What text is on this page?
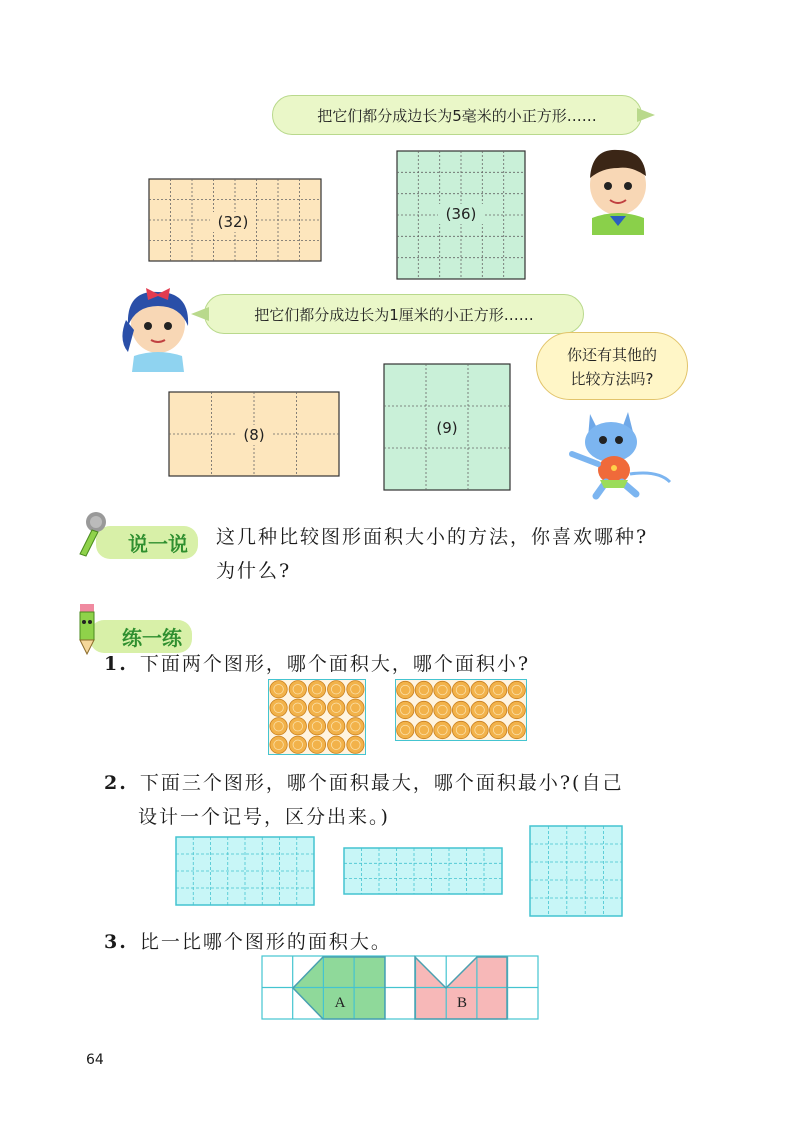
把它们都分成边长为5毫米的小正方形……
(32)	(36)
把它们都分成边长为1厘米的小正方形……
(8)	(9)
你还有其他的
比较方法吗?
说一说	这几种比较图形面积大小的方法，你喜欢哪种?
为什么?
练一练
1. 下面两个图形，哪个面积大，哪个面积小?
2. 下面三个图形，哪个面积最大，哪个面积最小?(自己
设计一个记号，区分出来。)
3. 比一比哪个图形的面积大。
A	B
64
